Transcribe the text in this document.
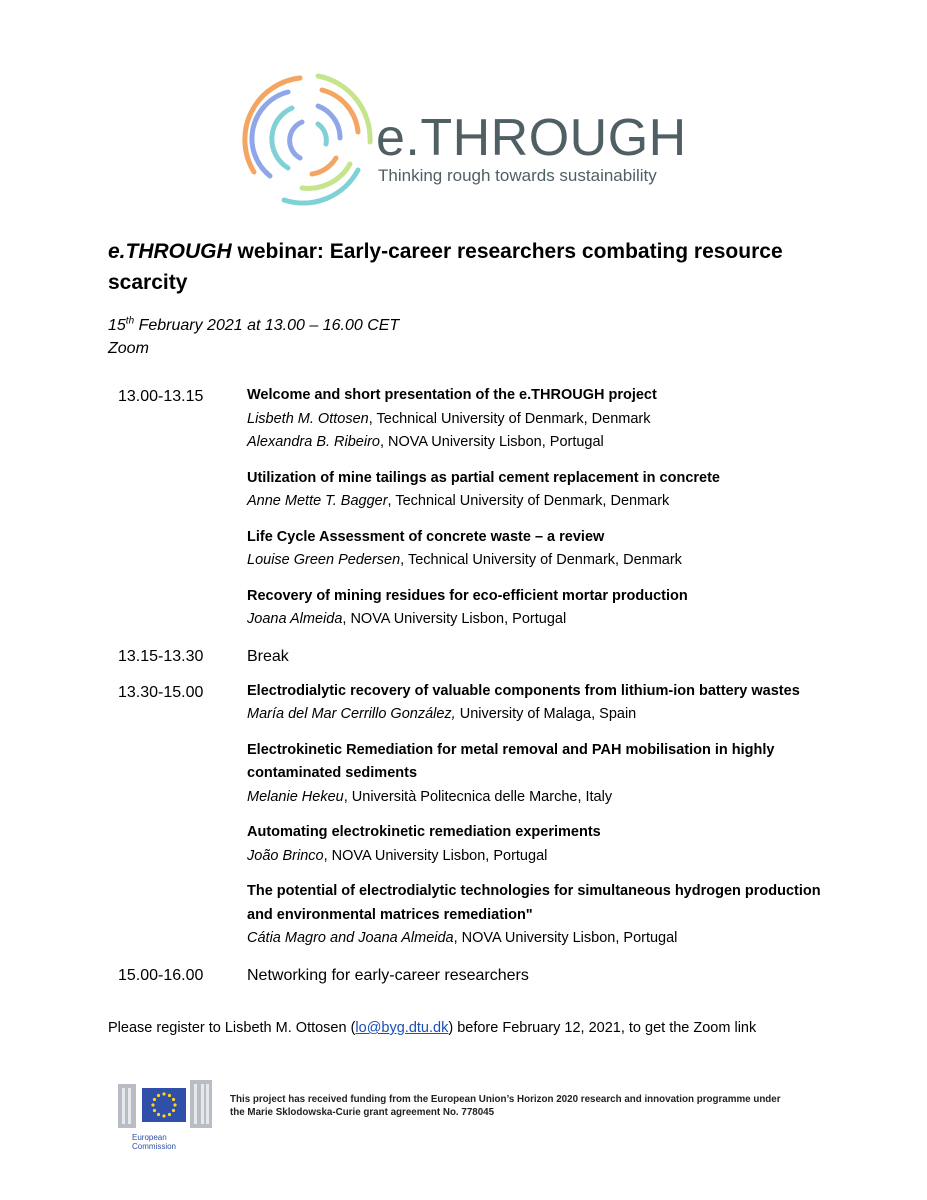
e.THROUGH
Thinking rough towards sustainability
e.THROUGH webinar: Early-career researchers combating resource scarcity
15th February 2021 at 13.00 – 16.00 CET
Zoom
13.00-13.15	Welcome and short presentation of the e.THROUGH project
Lisbeth M. Ottosen, Technical University of Denmark, Denmark
Alexandra B. Ribeiro, NOVA University Lisbon, Portugal
Utilization of mine tailings as partial cement replacement in concrete
Anne Mette T. Bagger, Technical University of Denmark, Denmark
Life Cycle Assessment of concrete waste – a review
Louise Green Pedersen, Technical University of Denmark, Denmark
Recovery of mining residues for eco-efficient mortar production
Joana Almeida, NOVA University Lisbon, Portugal
13.15-13.30	Break
13.30-15.00	Electrodialytic recovery of valuable components from lithium-ion battery wastes
María del Mar Cerrillo González, University of Malaga, Spain
Electrokinetic Remediation for metal removal and PAH mobilisation in highly contaminated sediments
Melanie Hekeu, Università Politecnica delle Marche, Italy
Automating electrokinetic remediation experiments
João Brinco, NOVA University Lisbon, Portugal
The potential of electrodialytic technologies for simultaneous hydrogen production and environmental matrices remediation"
Cátia Magro and Joana Almeida, NOVA University Lisbon, Portugal
15.00-16.00	Networking for early-career researchers
Please register to Lisbeth M. Ottosen (lo@byg.dtu.dk) before February 12, 2021, to get the Zoom link
European
Commission
This project has received funding from the European Union’s Horizon 2020 research and innovation programme under
the Marie Sklodowska-Curie grant agreement No. 778045
